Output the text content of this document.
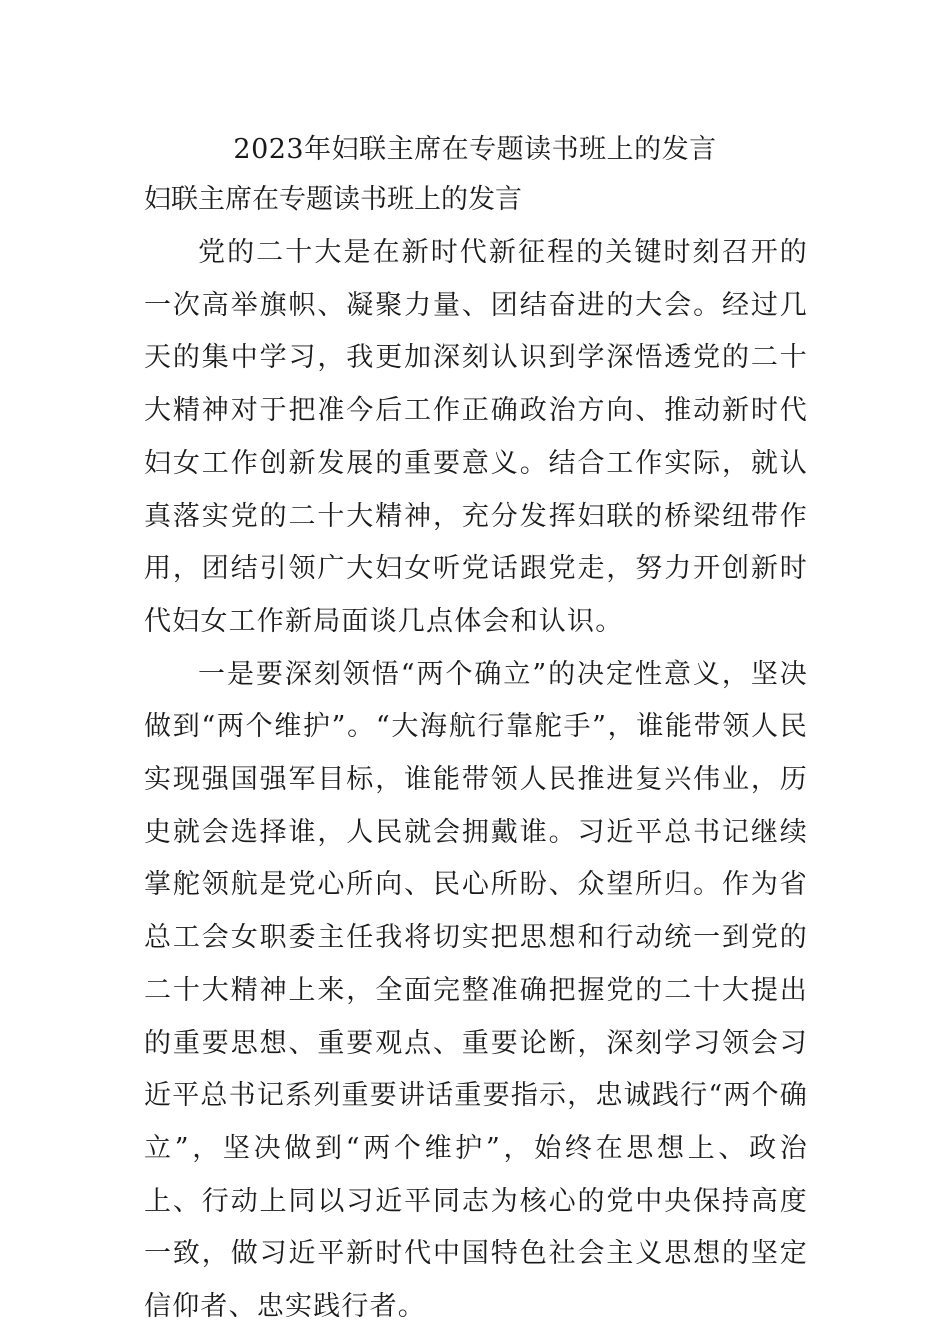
2023年妇联主席在专题读书班上的发言
妇联主席在专题读书班上的发言

党的二十大是在新时代新征程的关键时刻召开的一次高举旗帜、凝聚力量、团结奋进的大会。经过几天的集中学习，我更加深刻认识到学深悟透党的二十大精神对于把准今后工作正确政治方向、推动新时代妇女工作创新发展的重要意义。结合工作实际，就认真落实党的二十大精神，充分发挥妇联的桥梁纽带作用，团结引领广大妇女听党话跟党走，努力开创新时代妇女工作新局面谈几点体会和认识。

一是要深刻领悟“两个确立”的决定性意义，坚决做到“两个维护”。“大海航行靠舵手”，谁能带领人民实现强国强军目标，谁能带领人民推进复兴伟业，历史就会选择谁，人民就会拥戴谁。习近平总书记继续掌舵领航是党心所向、民心所盼、众望所归。作为省总工会女职委主任我将切实把思想和行动统一到党的二十大精神上来，全面完整准确把握党的二十大提出的重要思想、重要观点、重要论断，深刻学习领会习近平总书记系列重要讲话重要指示，忠诚践行“两个确立”，坚决做到“两个维护”，始终在思想上、政治上、行动上同以习近平同志为核心的党中央保持高度一致，做习近平新时代中国特色社会主义思想的坚定信仰者、忠实践行者。
